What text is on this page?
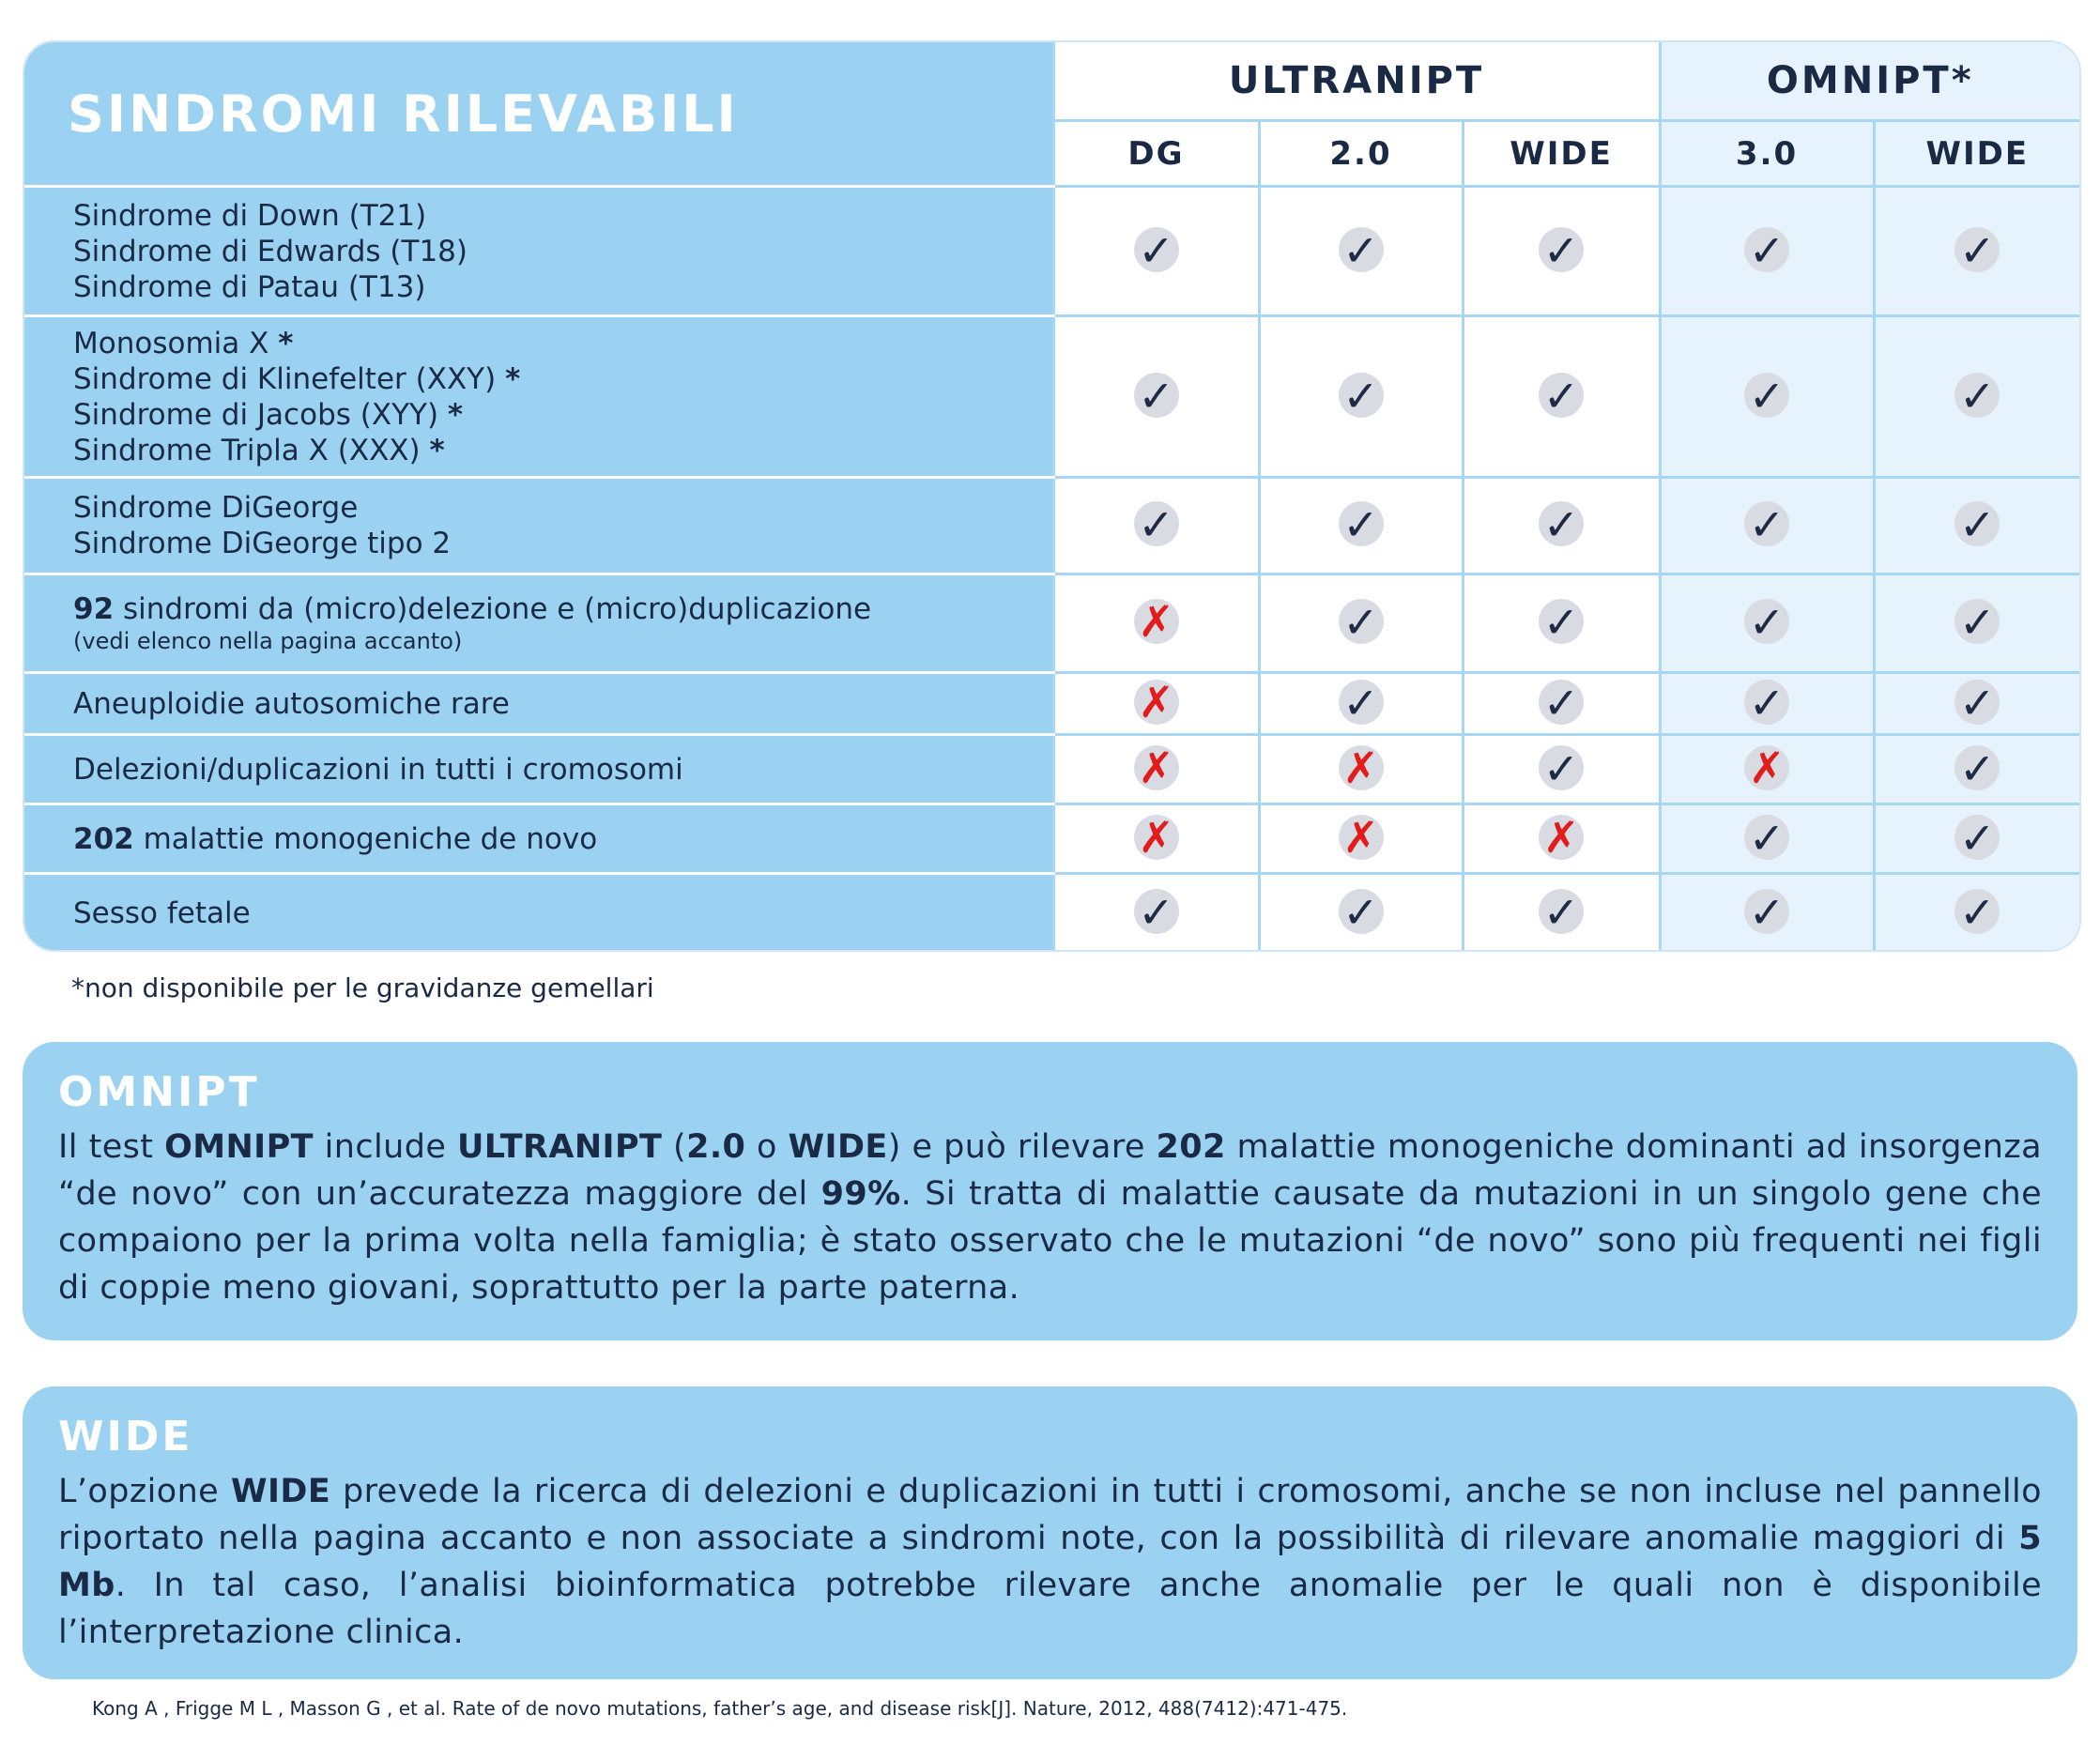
SINDROMI RILEVABILI	ULTRANIPT			OMNIPT*	
	DG	2.0	WIDE	3.0	WIDE
Sindrome di Down (T21)
Sindrome di Edwards (T18)
Sindrome di Patau (T13)	✓	✓	✓	✓	✓
Monosomia X *
Sindrome di Klinefelter (XXY) *
Sindrome di Jacobs (XYY) *
Sindrome Tripla X (XXX) *	✓	✓	✓	✓	✓
Sindrome DiGeorge
Sindrome DiGeorge tipo 2	✓	✓	✓	✓	✓
92 sindromi da (micro)delezione e (micro)duplicazione
(vedi elenco nella pagina accanto)
	✗	✓	✓	✓	✓
Aneuploidie autosomiche rare	✗	✓	✓	✓	✓
Delezioni/duplicazioni in tutti i cromosomi	✗	✗	✓	✗	✓
202 malattie monogeniche de novo	✗	✗	✗	✓	✓
Sesso fetale	✓	✓	✓	✓	✓
*non disponibile per le gravidanze gemellari
OMNIPT

Il test OMNIPT include ULTRANIPT (2.0 o WIDE) e può rilevare 202 malattie monogeniche dominanti ad insorgenza “de novo” con un’accuratezza maggiore del 99%. Si tratta di malattie causate da mutazioni in un singolo gene che compaiono per la prima volta nella famiglia; è stato osservato che le mutazioni “de novo” sono più frequenti nei figli di coppie meno giovani, soprattutto per la parte paterna.

WIDE

L’opzione WIDE prevede la ricerca di delezioni e duplicazioni in tutti i cromosomi, anche se non incluse nel pannello riportato nella pagina accanto e non associate a sindromi note, con la possibilità di rilevare anomalie maggiori di 5 Mb. In tal caso, l’analisi bioinformatica potrebbe rilevare anche anomalie per le quali non è disponibile l’interpretazione clinica.

Kong A , Frigge M L , Masson G , et al. Rate of de novo mutations, father’s age, and disease risk[J]. Nature, 2012, 488(7412):471-475.
